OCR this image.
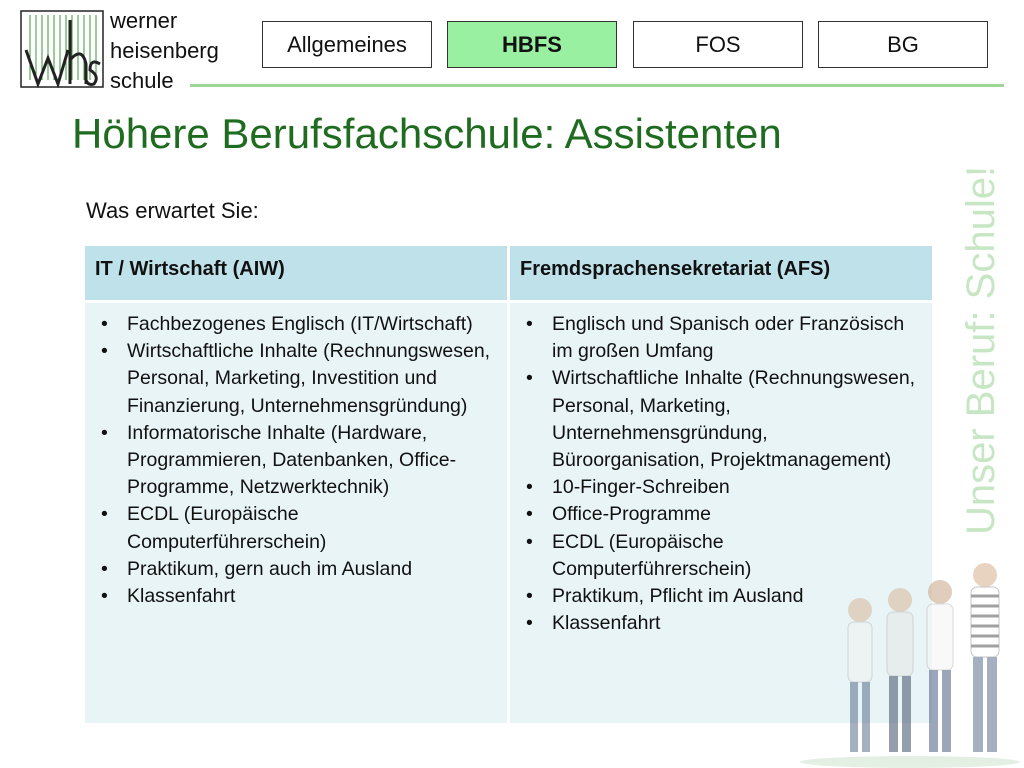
werner
heisenberg
schule
Allgemeines	HBFS	FOS	BG
Höhere Berufsfachschule: Assistenten
Unser Beruf: Schule!
Was erwartet Sie:
IT / Wirtschaft (AIW)
• Fachbezogenes Englisch (IT/Wirtschaft)
• Wirtschaftliche Inhalte (Rechnungswesen, Personal, Marketing, Investition und Finanzierung, Unternehmensgründung)
• Informatorische Inhalte (Hardware, Programmieren, Datenbanken, Office-Programme, Netzwerktechnik)
• ECDL (Europäische Computerführerschein)
• Praktikum, gern auch im Ausland
• Klassenfahrt
Fremdsprachensekretariat (AFS)
• Englisch und Spanisch oder Französisch im großen Umfang
• Wirtschaftliche Inhalte (Rechnungswesen, Personal, Marketing, Unternehmensgründung, Büroorganisation, Projektmanagement)
• 10-Finger-Schreiben
• Office-Programme
• ECDL (Europäische Computerführerschein)
• Praktikum, Pflicht im Ausland
• Klassenfahrt
